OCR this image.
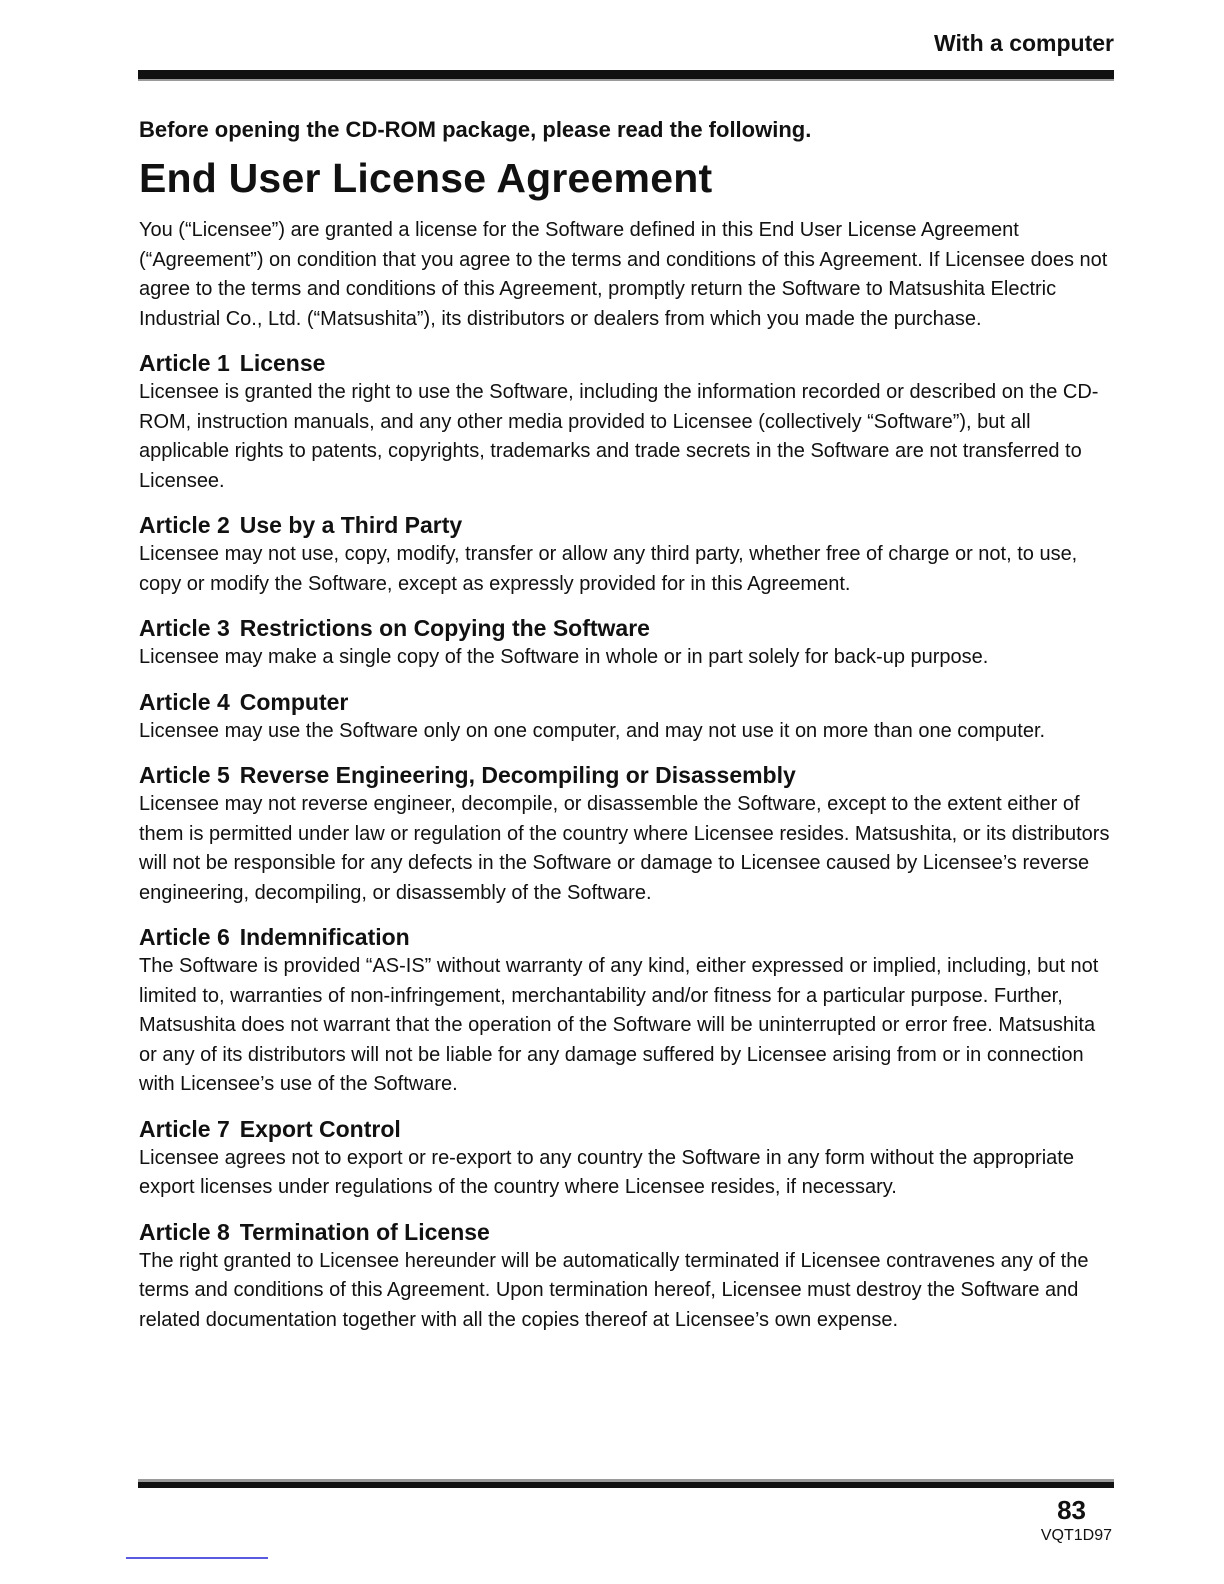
With a computer

Before opening the CD-ROM package, please read the following.

End User License Agreement

You (“Licensee”) are granted a license for the Software defined in this End User License Agreement (“Agreement”) on condition that you agree to the terms and conditions of this Agreement. If Licensee does not agree to the terms and conditions of this Agreement, promptly return the Software to Matsushita Electric Industrial Co., Ltd. (“Matsushita”), its distributors or dealers from which you made the purchase.

Article 1 License

Licensee is granted the right to use the Software, including the information recorded or described on the CD-ROM, instruction manuals, and any other media provided to Licensee (collectively “Software”), but all applicable rights to patents, copyrights, trademarks and trade secrets in the Software are not transferred to Licensee.

Article 2 Use by a Third Party

Licensee may not use, copy, modify, transfer or allow any third party, whether free of charge or not, to use, copy or modify the Software, except as expressly provided for in this Agreement.

Article 3 Restrictions on Copying the Software

Licensee may make a single copy of the Software in whole or in part solely for back-up purpose.

Article 4 Computer

Licensee may use the Software only on one computer, and may not use it on more than one computer.

Article 5 Reverse Engineering, Decompiling or Disassembly

Licensee may not reverse engineer, decompile, or disassemble the Software, except to the extent either of them is permitted under law or regulation of the country where Licensee resides. Matsushita, or its distributors will not be responsible for any defects in the Software or damage to Licensee caused by Licensee’s reverse engineering, decompiling, or disassembly of the Software.

Article 6 Indemnification

The Software is provided “AS-IS” without warranty of any kind, either expressed or implied, including, but not limited to, warranties of non-infringement, merchantability and/or fitness for a particular purpose. Further, Matsushita does not warrant that the operation of the Software will be uninterrupted or error free. Matsushita or any of its distributors will not be liable for any damage suffered by Licensee arising from or in connection with Licensee’s use of the Software.

Article 7 Export Control

Licensee agrees not to export or re-export to any country the Software in any form without the appropriate export licenses under regulations of the country where Licensee resides, if necessary.

Article 8 Termination of License

The right granted to Licensee hereunder will be automatically terminated if Licensee contravenes any of the terms and conditions of this Agreement. Upon termination hereof, Licensee must destroy the Software and related documentation together with all the copies thereof at Licensee’s own expense.

83
VQT1D97
